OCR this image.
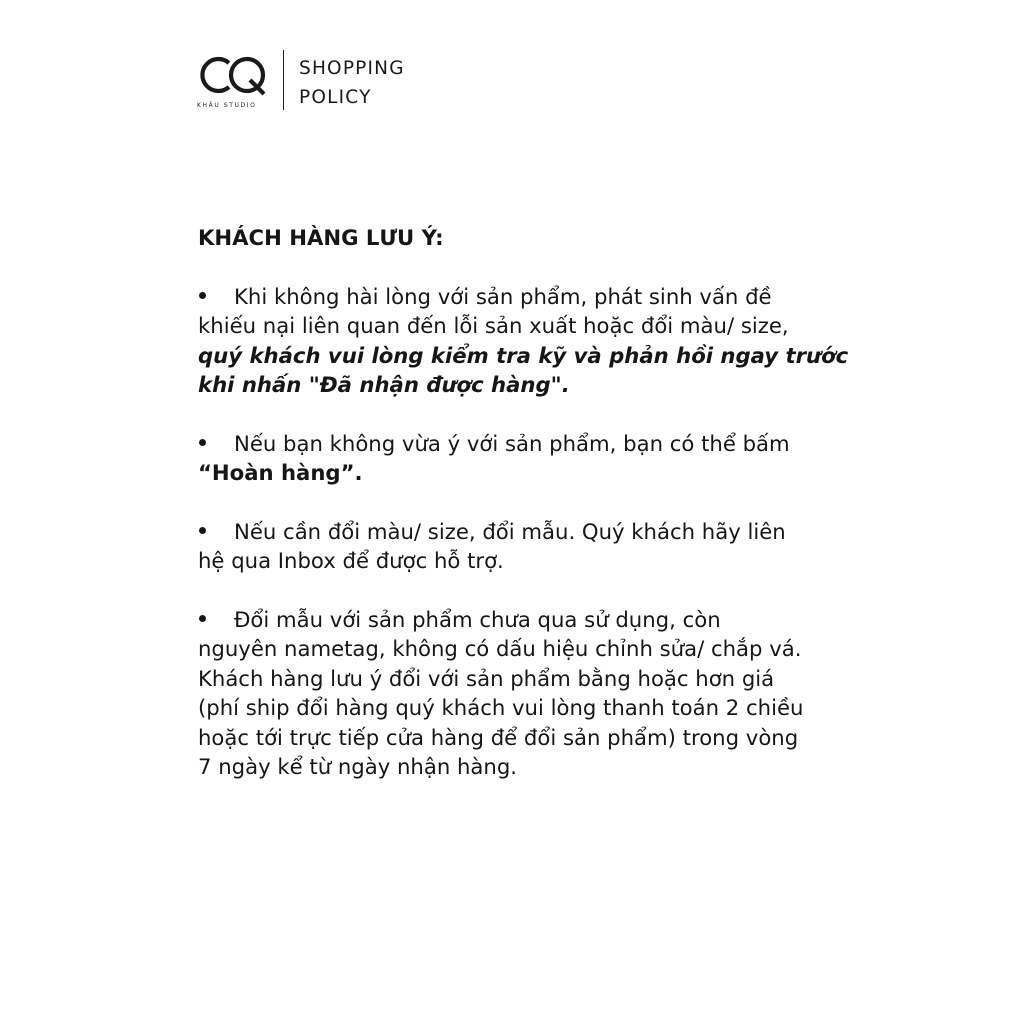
KHÂU STUDIO
SHOPPING
POLICY
KHÁCH HÀNG LƯU Ý:
Khi không hài lòng với sản phẩm, phát sinh vấn đề
khiếu nại liên quan đến lỗi sản xuất hoặc đổi màu/ size,
quý khách vui lòng kiểm tra kỹ và phản hồi ngay trước
khi nhấn "Đã nhận được hàng".
Nếu bạn không vừa ý với sản phẩm, bạn có thể bấm
“Hoàn hàng”.
Nếu cần đổi màu/ size, đổi mẫu. Quý khách hãy liên
hệ qua Inbox để được hỗ trợ.
Đổi mẫu với sản phẩm chưa qua sử dụng, còn
nguyên nametag, không có dấu hiệu chỉnh sửa/ chắp vá.
Khách hàng lưu ý đổi với sản phẩm bằng hoặc hơn giá
(phí ship đổi hàng quý khách vui lòng thanh toán 2 chiều
hoặc tới trực tiếp cửa hàng để đổi sản phẩm) trong vòng
7 ngày kể từ ngày nhận hàng.
